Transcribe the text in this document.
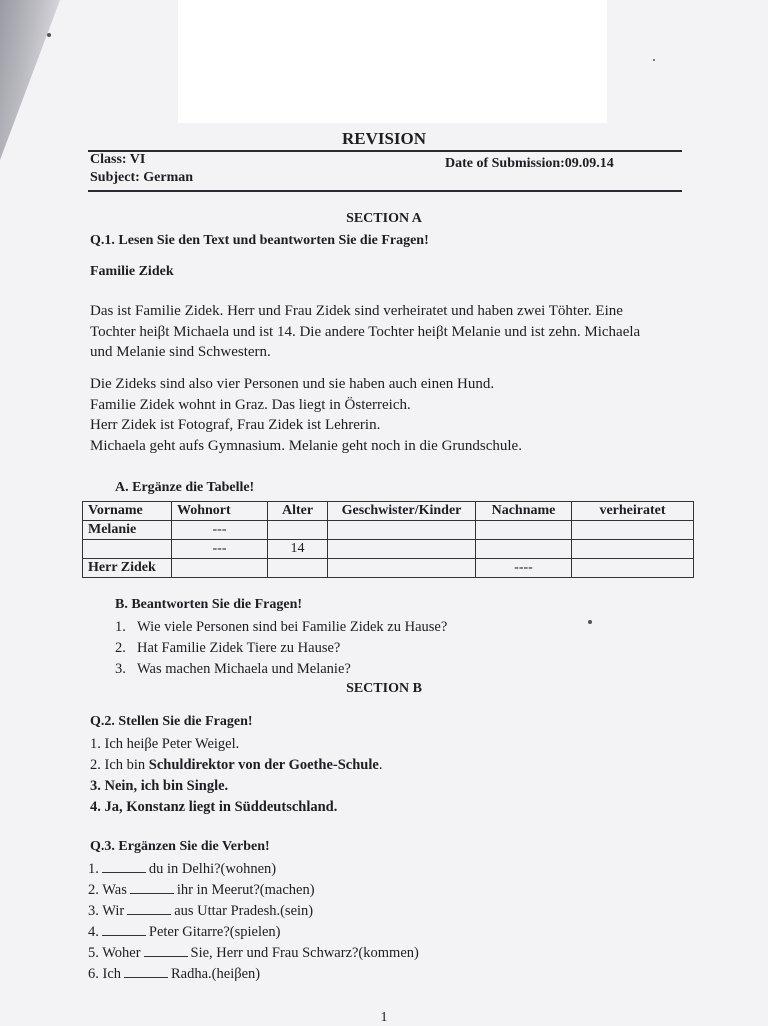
REVISION
Class: VI	Date of Submission:09.09.14
Subject: German
SECTION A
Q.1. Lesen Sie den Text und beantworten Sie die Fragen!
Familie Zidek
Das ist Familie Zidek. Herr und Frau Zidek sind verheiratet und haben zwei Töhter. Eine
Tochter heiβt Michaela und ist 14. Die andere Tochter heiβt Melanie und ist zehn. Michaela
und Melanie sind Schwestern.
Die Zideks sind also vier Personen und sie haben auch einen Hund.
Familie Zidek wohnt in Graz. Das liegt in Österreich.
Herr Zidek ist Fotograf, Frau Zidek ist Lehrerin.
Michaela geht aufs Gymnasium. Melanie geht noch in die Grundschule.
A. Ergänze die Tabelle!
Vorname	Wohnort	Alter	Geschwister/Kinder	Nachname	verheiratet
Melanie	---				
	---	14			
Herr Zidek				----	
B. Beantworten Sie die Fragen!
1. Wie viele Personen sind bei Familie Zidek zu Hause?
2. Hat Familie Zidek Tiere zu Hause?
3. Was machen Michaela und Melanie?
SECTION B
Q.2. Stellen Sie die Fragen!
1. Ich heiβe Peter Weigel.
2. Ich bin Schuldirektor von der Goethe-Schule.
3. Nein, ich bin Single.
4. Ja, Konstanz liegt in Süddeutschland.
Q.3. Ergänzen Sie die Verben!
1.	du in Delhi?(wohnen)
2. Was	ihr in Meerut?(machen)
3. Wir	aus Uttar Pradesh.(sein)
4.	Peter Gitarre?(spielen)
5. Woher	Sie, Herr und Frau Schwarz?(kommen)
6. Ich	Radha.(heiβen)
1
